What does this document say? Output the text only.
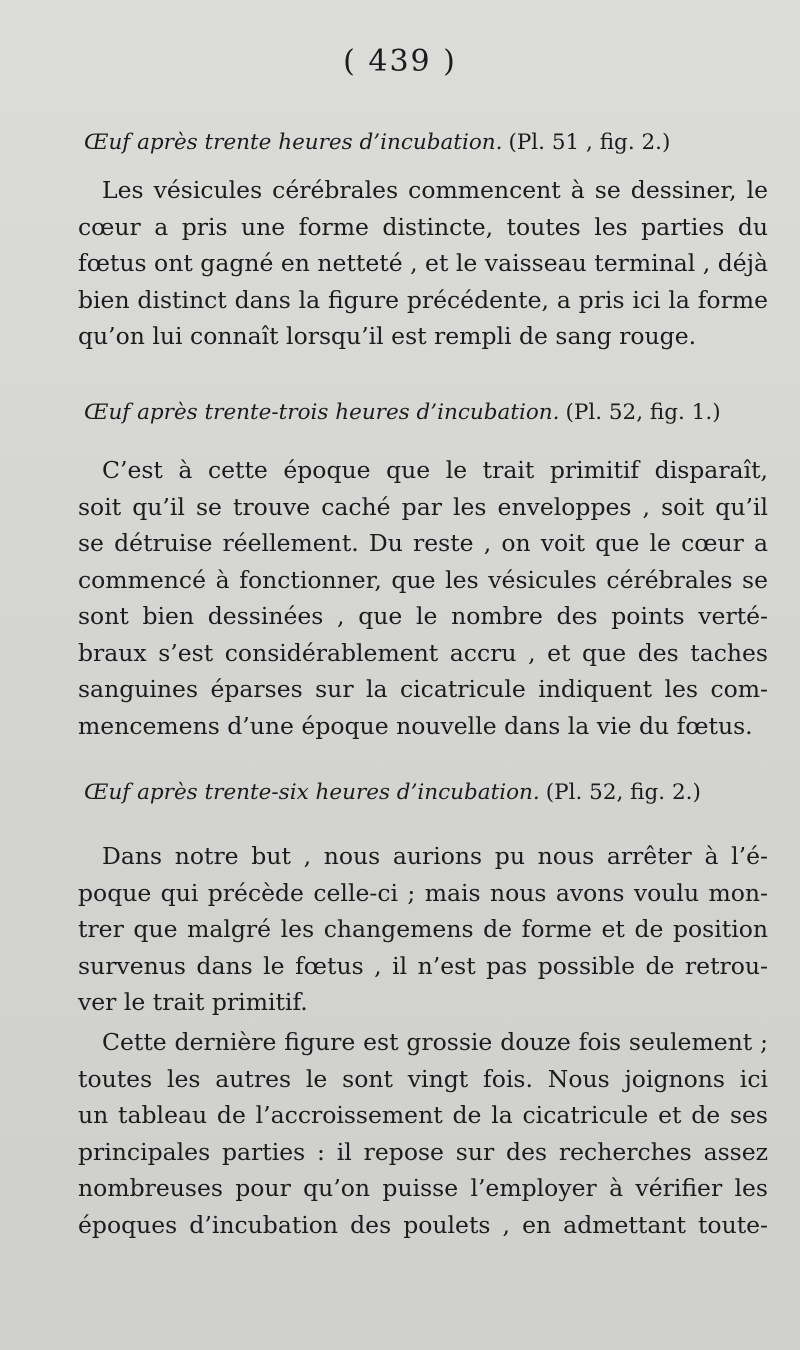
( 439 )
Œuf après trente heures d’incubation. (Pl. 51 , fig. 2.)
Les vésicules cérébrales commencent à se dessiner, le
cœur a pris une forme distincte, toutes les parties du
fœtus ont gagné en netteté , et le vaisseau terminal , déjà
bien distinct dans la figure précédente, a pris ici la forme
qu’on lui connaît lorsqu’il est rempli de sang rouge.
Œuf après trente-trois heures d’incubation. (Pl. 52, fig. 1.)
C’est à cette époque que le trait primitif disparaît,
soit qu’il se trouve caché par les enveloppes , soit qu’il
se détruise réellement. Du reste , on voit que le cœur a
commencé à fonctionner, que les vésicules cérébrales se
sont bien dessinées , que le nombre des points verté-
braux s’est considérablement accru , et que des taches
sanguines éparses sur la cicatricule indiquent les com-
mencemens d’une époque nouvelle dans la vie du fœtus.
Œuf après trente-six heures d’incubation. (Pl. 52, fig. 2.)
Dans notre but , nous aurions pu nous arrêter à l’é-
poque qui précède celle-ci ; mais nous avons voulu mon-
trer que malgré les changemens de forme et de position
survenus dans le fœtus , il n’est pas possible de retrou-
ver le trait primitif.
Cette dernière figure est grossie douze fois seulement ;
toutes les autres le sont vingt fois. Nous joignons ici
un tableau de l’accroissement de la cicatricule et de ses
principales parties : il repose sur des recherches assez
nombreuses pour qu’on puisse l’employer à vérifier les
époques d’incubation des poulets , en admettant toute-
